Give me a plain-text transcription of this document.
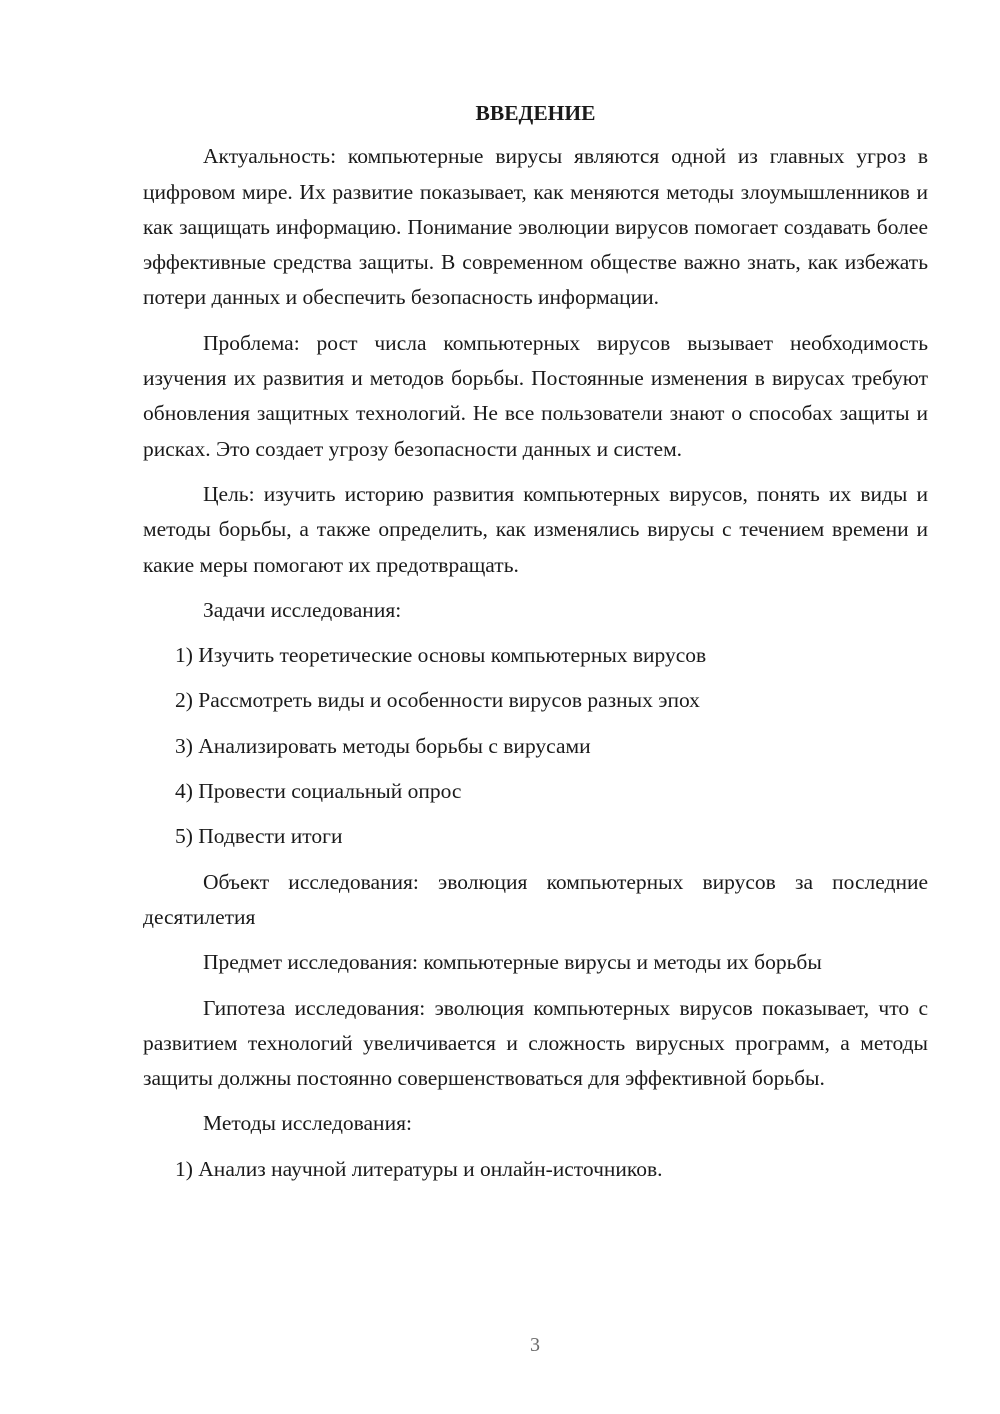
ВВЕДЕНИЕ

Актуальность: компьютерные вирусы являются одной из главных угроз в цифровом мире. Их развитие показывает, как меняются методы злоумышленников и как защищать информацию. Понимание эволюции вирусов помогает создавать более эффективные средства защиты. В современном обществе важно знать, как избежать потери данных и обеспечить безопасность информации.

Проблема: рост числа компьютерных вирусов вызывает необходимость изучения их развития и методов борьбы. Постоянные изменения в вирусах требуют обновления защитных технологий. Не все пользователи знают о способах защиты и рисках. Это создает угрозу безопасности данных и систем.

Цель: изучить историю развития компьютерных вирусов, понять их виды и методы борьбы, а также определить, как изменялись вирусы с течением времени и какие меры помогают их предотвращать.

Задачи исследования:
1) Изучить теоретические основы компьютерных вирусов
2) Рассмотреть виды и особенности вирусов разных эпох
3) Анализировать методы борьбы с вирусами
4) Провести социальный опрос
5) Подвести итоги

Объект исследования: эволюция компьютерных вирусов за последние десятилетия

Предмет исследования: компьютерные вирусы и методы их борьбы

Гипотеза исследования: эволюция компьютерных вирусов показывает, что с развитием технологий увеличивается и сложность вирусных программ, а методы защиты должны постоянно совершенствоваться для эффективной борьбы.

Методы исследования:
1) Анализ научной литературы и онлайн-источников.
3
